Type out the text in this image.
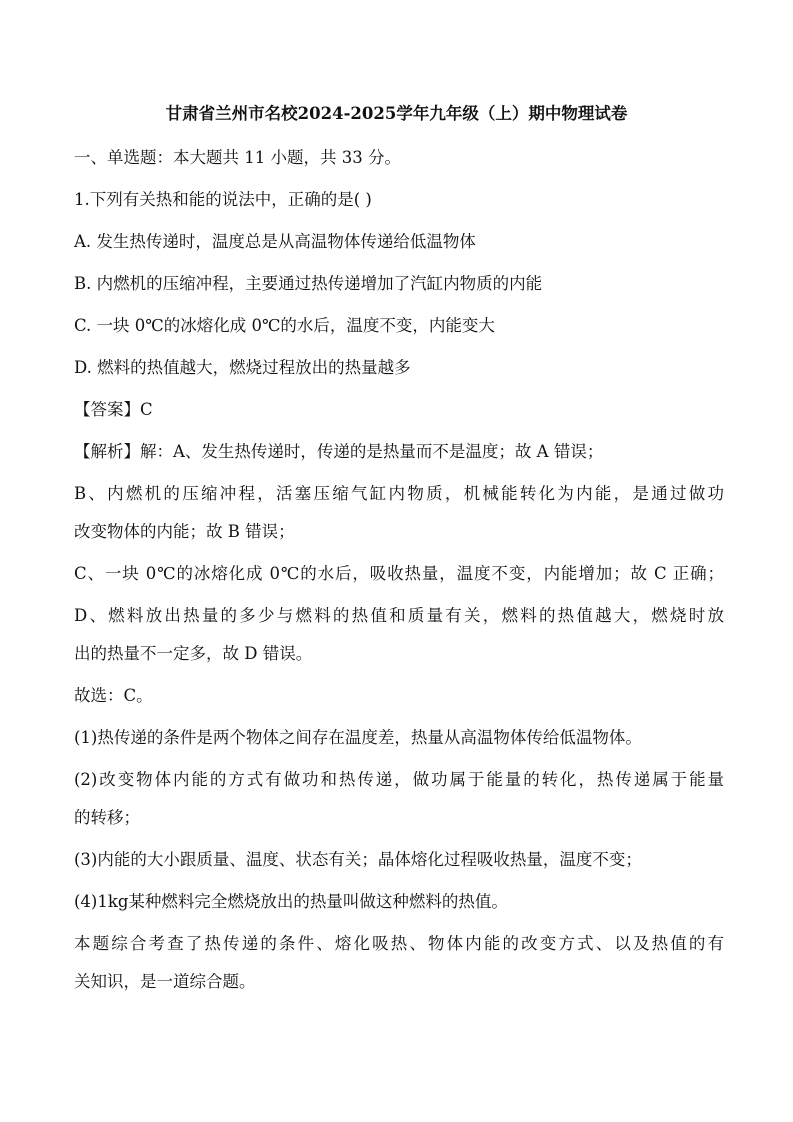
甘肃省兰州市名校2024-2025学年九年级（上）期中物理试卷
一、单选题：本大题共 11 小题，共 33 分。
1.下列有关热和能的说法中，正确的是( )
A. 发生热传递时，温度总是从高温物体传递给低温物体
B. 内燃机的压缩冲程，主要通过热传递增加了汽缸内物质的内能
C. 一块 0℃的冰熔化成 0℃的水后，温度不变，内能变大
D. 燃料的热值越大，燃烧过程放出的热量越多
【答案】C
【解析】解：A、发生热传递时，传递的是热量而不是温度；故 A 错误；
B、内燃机的压缩冲程，活塞压缩气缸内物质，机械能转化为内能，是通过做功
改变物体的内能；故 B 错误；
C、一块 0℃的冰熔化成 0℃的水后，吸收热量，温度不变，内能增加；故 C 正确；
D、燃料放出热量的多少与燃料的热值和质量有关，燃料的热值越大，燃烧时放
出的热量不一定多，故 D 错误。
故选：C。
(1)热传递的条件是两个物体之间存在温度差，热量从高温物体传给低温物体。
(2)改变物体内能的方式有做功和热传递，做功属于能量的转化，热传递属于能量
的转移；
(3)内能的大小跟质量、温度、状态有关；晶体熔化过程吸收热量，温度不变；
(4)1kg某种燃料完全燃烧放出的热量叫做这种燃料的热值。
本题综合考查了热传递的条件、熔化吸热、物体内能的改变方式、以及热值的有
关知识，是一道综合题。
